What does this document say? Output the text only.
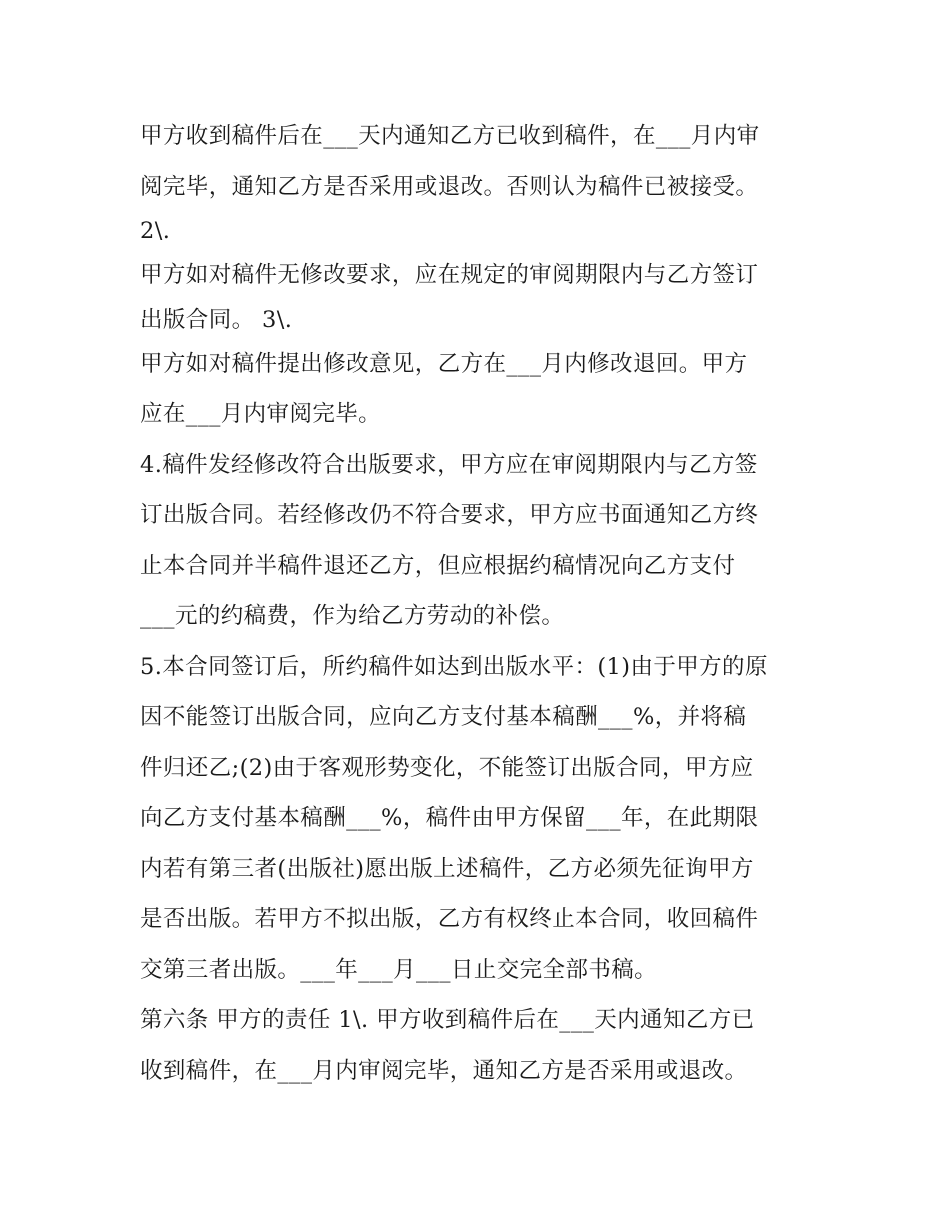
甲方收到稿件后在___天内通知乙方已收到稿件，在___月内审
阅完毕，通知乙方是否采用或退改。否则认为稿件已被接受。
2\.
甲方如对稿件无修改要求，应在规定的审阅期限内与乙方签订
出版合同。 3\.
甲方如对稿件提出修改意见，乙方在___月内修改退回。甲方
应在___月内审阅完毕。
4.稿件发经修改符合出版要求，甲方应在审阅期限内与乙方签
订出版合同。若经修改仍不符合要求，甲方应书面通知乙方终
止本合同并半稿件退还乙方，但应根据约稿情况向乙方支付
___元的约稿费，作为给乙方劳动的补偿。
5.本合同签订后，所约稿件如达到出版水平：(1)由于甲方的原
因不能签订出版合同，应向乙方支付基本稿酬___%，并将稿
件归还乙;(2)由于客观形势变化，不能签订出版合同，甲方应
向乙方支付基本稿酬___%，稿件由甲方保留___年，在此期限
内若有第三者(出版社)愿出版上述稿件，乙方必须先征询甲方
是否出版。若甲方不拟出版，乙方有权终止本合同，收回稿件
交第三者出版。___年___月___日止交完全部书稿。
第六条 甲方的责任 1\. 甲方收到稿件后在___天内通知乙方已
收到稿件，在___月内审阅完毕，通知乙方是否采用或退改。
